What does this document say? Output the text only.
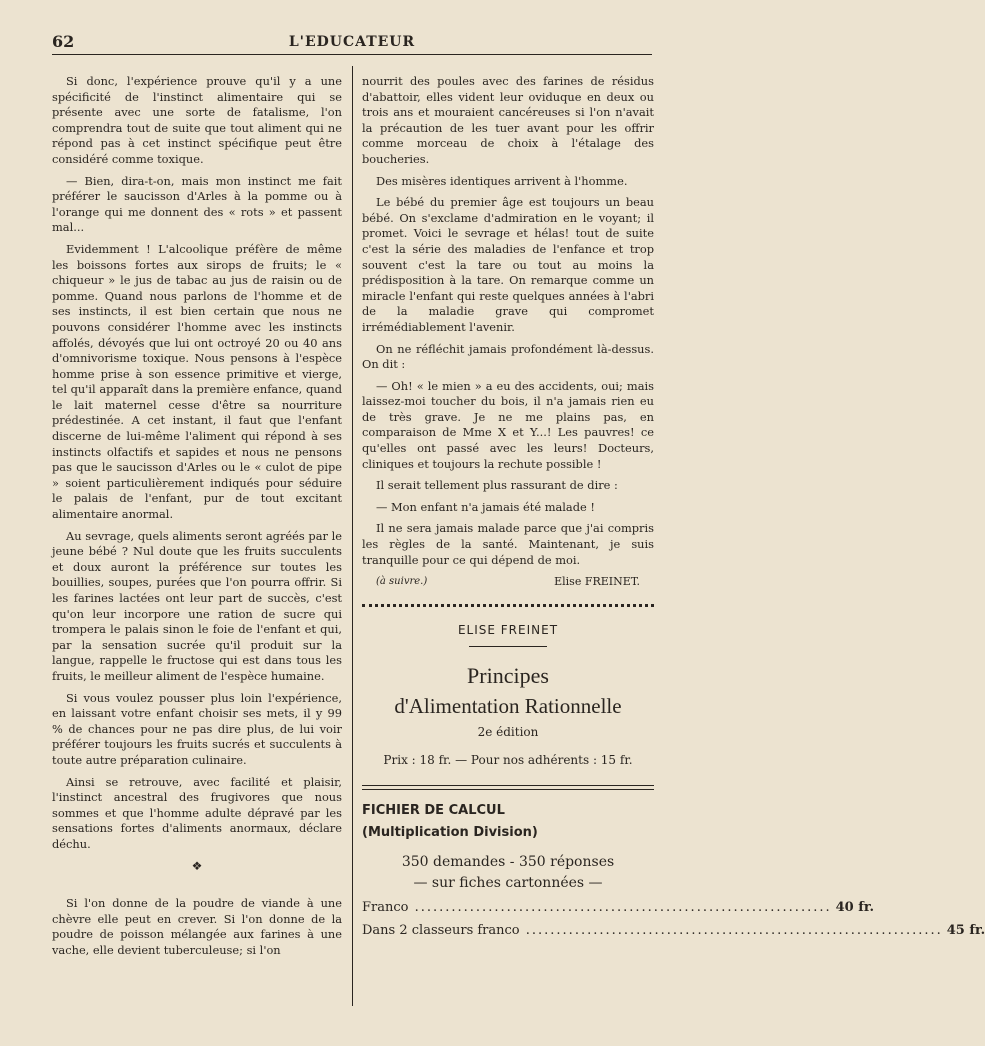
62	L'EDUCATEUR

Si donc, l'expérience prouve qu'il y a une spécificité de l'instinct alimentaire qui se présente avec une sorte de fatalisme, l'on comprendra tout de suite que tout aliment qui ne répond pas à cet instinct spécifique peut être considéré comme toxique.

— Bien, dira-t-on, mais mon instinct me fait préférer le saucisson d'Arles à la pomme ou à l'orange qui me donnent des « rots » et passent mal...

Evidemment ! L'alcoolique préfère de même les boissons fortes aux sirops de fruits; le « chiqueur » le jus de tabac au jus de raisin ou de pomme. Quand nous parlons de l'homme et de ses instincts, il est bien certain que nous ne pouvons considérer l'homme avec les instincts affolés, dévoyés que lui ont octroyé 20 ou 40 ans d'omnivorisme toxique. Nous pensons à l'espèce homme prise à son essence primitive et vierge, tel qu'il apparaît dans la première enfance, quand le lait maternel cesse d'être sa nourriture prédestinée. A cet instant, il faut que l'enfant discerne de lui-même l'aliment qui répond à ses instincts olfactifs et sapides et nous ne pensons pas que le saucisson d'Arles ou le « culot de pipe » soient particulièrement indiqués pour séduire le palais de l'enfant, pur de tout excitant alimentaire anormal.

Au sevrage, quels aliments seront agréés par le jeune bébé ? Nul doute que les fruits succulents et doux auront la préférence sur toutes les bouillies, soupes, purées que l'on pourra offrir. Si les farines lactées ont leur part de succès, c'est qu'on leur incorpore une ration de sucre qui trompera le palais sinon le foie de l'enfant et qui, par la sensation sucrée qu'il produit sur la langue, rappelle le fructose qui est dans tous les fruits, le meilleur aliment de l'espèce humaine.

Si vous voulez pousser plus loin l'expérience, en laissant votre enfant choisir ses mets, il y 99 % de chances pour ne pas dire plus, de lui voir préférer toujours les fruits sucrés et succulents à toute autre préparation culinaire.

Ainsi se retrouve, avec facilité et plaisir, l'instinct ancestral des frugivores que nous sommes et que l'homme adulte dépravé par les sensations fortes d'aliments anormaux, déclare déchu.

❖

Si l'on donne de la poudre de viande à une chèvre elle peut en crever. Si l'on donne de la poudre de poisson mélangée aux farines à une vache, elle devient tuberculeuse; si l'on

nourrit des poules avec des farines de résidus d'abattoir, elles vident leur oviduque en deux ou trois ans et mouraient cancéreuses si l'on n'avait la précaution de les tuer avant pour les offrir comme morceau de choix à l'étalage des boucheries.

Des misères identiques arrivent à l'homme.

Le bébé du premier âge est toujours un beau bébé. On s'exclame d'admiration en le voyant; il promet. Voici le sevrage et hélas! tout de suite c'est la série des maladies de l'enfance et trop souvent c'est la tare ou tout au moins la prédisposition à la tare. On remarque comme un miracle l'enfant qui reste quelques années à l'abri de la maladie grave qui compromet irrémédiablement l'avenir.

On ne réfléchit jamais profondément là-dessus. On dit :

— Oh! « le mien » a eu des accidents, oui; mais laissez-moi toucher du bois, il n'a jamais rien eu de très grave. Je ne me plains pas, en comparaison de Mme X et Y...! Les pauvres! ce qu'elles ont passé avec les leurs! Docteurs, cliniques et toujours la rechute possible !

Il serait tellement plus rassurant de dire :

— Mon enfant n'a jamais été malade !

Il ne sera jamais malade parce que j'ai compris les règles de la santé. Maintenant, je suis tranquille pour ce qui dépend de moi.

(à suivre.)	Elise FREINET.
ELISE FREINET
Principes
d'Alimentation Rationnelle
2e édition
Prix : 18 fr. — Pour nos adhérents : 15 fr.
FICHIER DE CALCUL
(Multiplication Division)
350 demandes - 350 réponses
— sur fiches cartonnées —
Franco .................................................................... 40 fr.
Dans 2 classeurs franco .................................................................... 45 fr.
